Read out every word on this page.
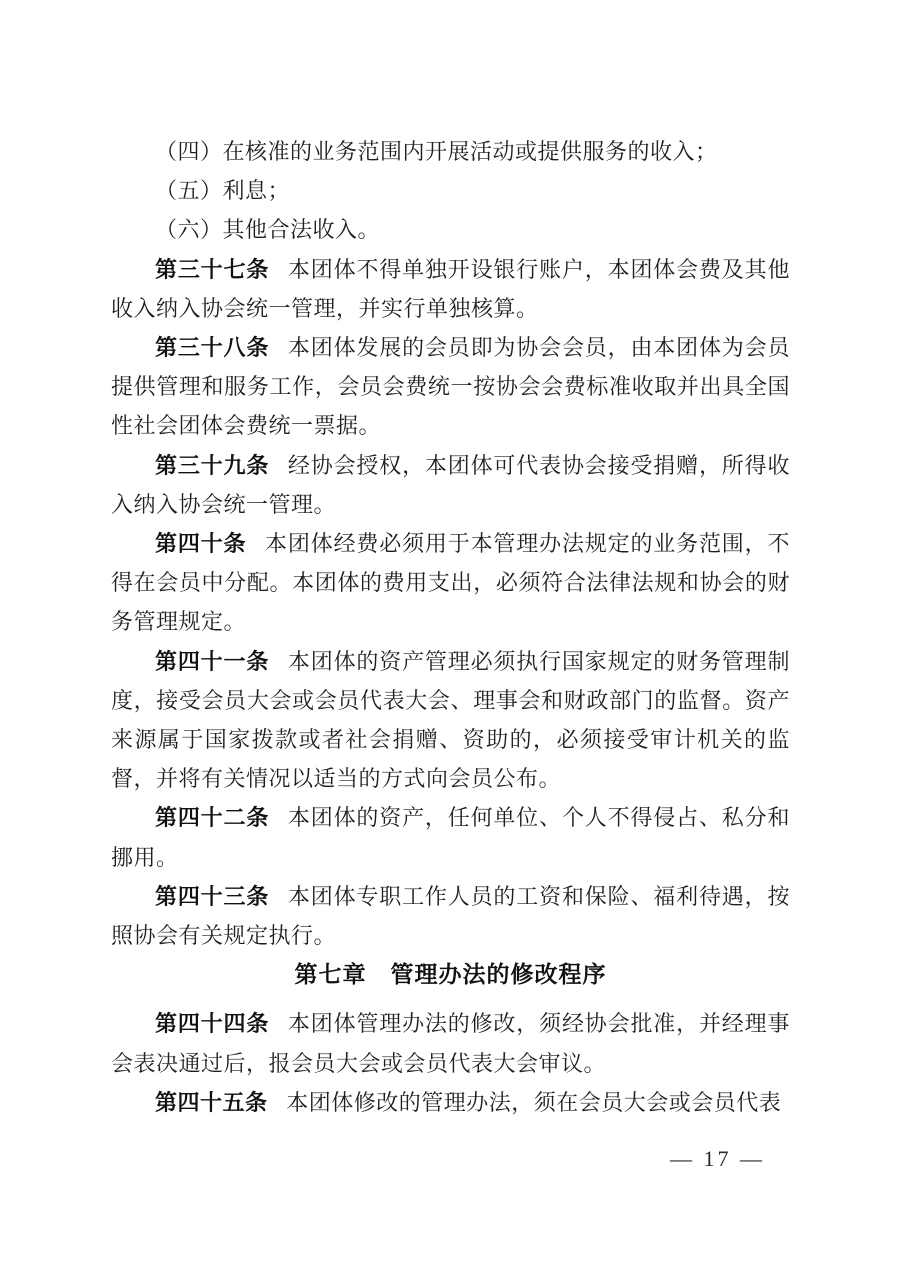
（四）在核准的业务范围内开展活动或提供服务的收入；

（五）利息；

（六）其他合法收入。

第三十七条 本团体不得单独开设银行账户，本团体会费及其他收入纳入协会统一管理，并实行单独核算。

第三十八条 本团体发展的会员即为协会会员，由本团体为会员提供管理和服务工作，会员会费统一按协会会费标准收取并出具全国性社会团体会费统一票据。

第三十九条 经协会授权，本团体可代表协会接受捐赠，所得收入纳入协会统一管理。

第四十条 本团体经费必须用于本管理办法规定的业务范围，不得在会员中分配。本团体的费用支出，必须符合法律法规和协会的财务管理规定。

第四十一条 本团体的资产管理必须执行国家规定的财务管理制度，接受会员大会或会员代表大会、理事会和财政部门的监督。资产来源属于国家拨款或者社会捐赠、资助的，必须接受审计机关的监督，并将有关情况以适当的方式向会员公布。

第四十二条 本团体的资产，任何单位、个人不得侵占、私分和挪用。

第四十三条 本团体专职工作人员的工资和保险、福利待遇，按照协会有关规定执行。

第七章　管理办法的修改程序

第四十四条 本团体管理办法的修改，须经协会批准，并经理事会表决通过后，报会员大会或会员代表大会审议。

第四十五条 本团体修改的管理办法，须在会员大会或会员代表

— 17 —
